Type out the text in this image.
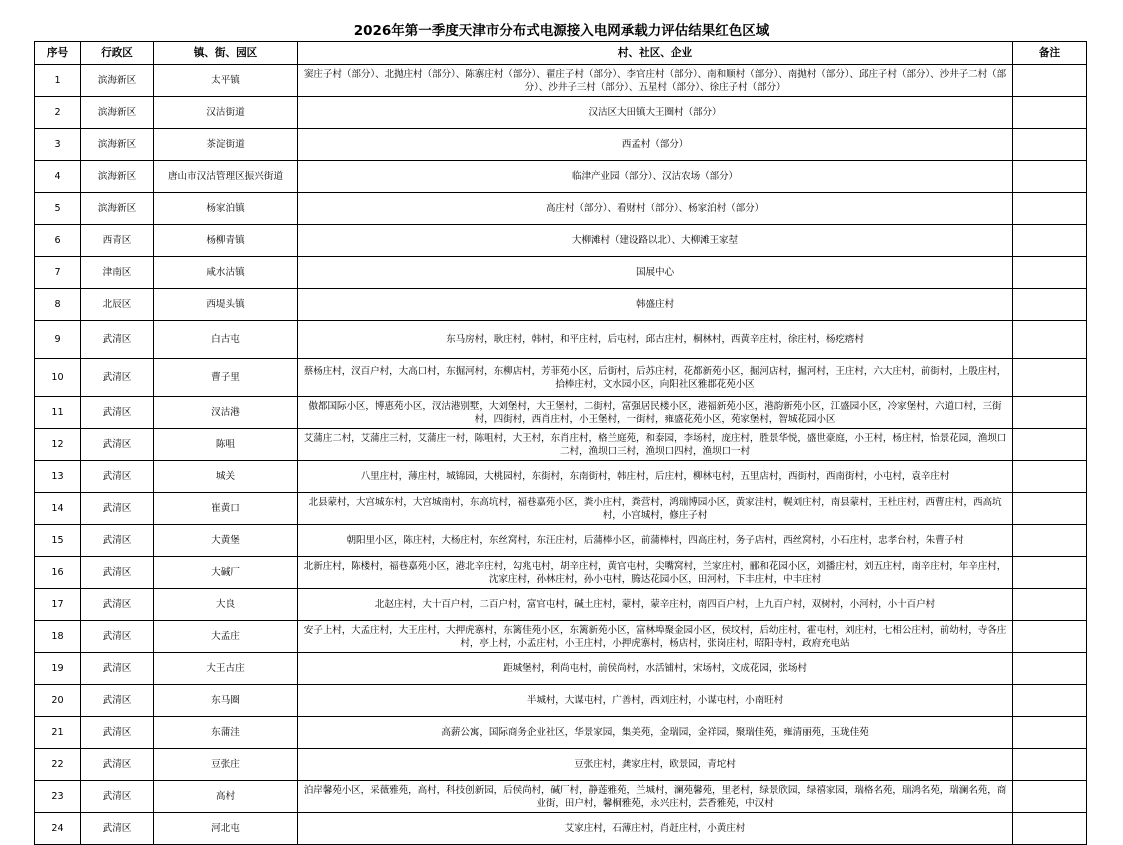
2026年第一季度天津市分布式电源接入电网承载力评估结果红色区域
序号	行政区	镇、街、园区	村、社区、企业	备注
1	滨海新区	太平镇	窦庄子村（部分）、北抛庄村（部分）、陈寨庄村（部分）、翟庄子村（部分）、李官庄村（部分）、南和顺村（部分）、南抛村（部分）、邱庄子村（部分）、沙井子二村（部分）、沙井子三村（部分）、五星村（部分）、徐庄子村（部分）	
2	滨海新区	汉沽街道	汉沽区大田镇大王圈村（部分）	
3	滨海新区	茶淀街道	西孟村（部分）	
4	滨海新区	唐山市汉沽管理区振兴街道	临津产业园（部分）、汉沽农场（部分）	
5	滨海新区	杨家泊镇	高庄村（部分）、看财村（部分）、杨家泊村（部分）	
6	西青区	杨柳青镇	大柳滩村（建设路以北）、大柳滩王家堼	
7	津南区	咸水沽镇	国展中心	
8	北辰区	西堤头镇	韩盛庄村	
9	武清区	白古屯	东马房村，耿庄村，韩村，和平庄村，后屯村，邱古庄村，桐林村，西黄辛庄村，徐庄村，杨疙瘩村	
10	武清区	曹子里	蔡杨庄村，汊百户村，大高口村，东掘河村，东柳店村，芳菲苑小区，后街村，后苏庄村，花都新苑小区，掘河店村，掘河村，王庄村，六大庄村，前街村，上殷庄村，拾棒庄村，文水园小区，向阳社区雅郡花苑小区	
11	武清区	汊沽港	傲都国际小区，博惠苑小区，汊沽港别墅，大刘堡村，大王堡村，二街村，富强居民楼小区，港福新苑小区，港韵新苑小区，江盛园小区，冷家堡村，六道口村，三街村，四街村，西肖庄村，小王堡村，一街村，雍盛花苑小区，苑家堡村，智城花园小区	
12	武清区	陈咀	艾蒲庄二村，艾蒲庄三村，艾蒲庄一村，陈咀村，大王村，东肖庄村，格兰庭苑，和泰园，李场村，庞庄村，胜景华悦，盛世豪庭，小王村，杨庄村，怡景花园，渔坝口二村，渔坝口三村，渔坝口四村，渔坝口一村	
13	武清区	城关	八里庄村，薄庄村，城锦园，大桃园村，东街村，东南街村，韩庄村，后庄村，柳林屯村，五里店村，西街村，西南街村，小屯村，袁辛庄村	
14	武清区	崔黄口	北县蒙村，大宫城东村，大宫城南村，东高坑村，福巷嘉苑小区，粪小庄村，粪营村，鸿瑞博园小区，黄家洼村，幌刘庄村，南县蒙村，王杜庄村，西曹庄村，西高坑村，小宫城村，修庄子村	
15	武清区	大黄堡	朝阳里小区，陈庄村，大杨庄村，东丝窝村，东汪庄村，后蒲棒小区，前蒲棒村，四高庄村，务子店村，西丝窝村，小石庄村，忠孝台村，朱曹子村	
16	武清区	大碱厂	北新庄村，陈楼村，福巷嘉苑小区，港北辛庄村，勾兆屯村，胡辛庄村，黄官屯村，尖嘴窝村，兰家庄村，郦和花园小区，刘播庄村，刘五庄村，南辛庄村，年辛庄村，沈家庄村，孙林庄村，孙小屯村，腾达花园小区，田河村，下丰庄村，中丰庄村	
17	武清区	大良	北赵庄村，大十百户村，二百户村，富官屯村，碱土庄村，蒙村，蒙辛庄村，南四百户村，上九百户村，双树村，小河村，小十百户村	
18	武清区	大孟庄	安子上村，大孟庄村，大王庄村，大押虎寨村，东篱佳苑小区，东篱新苑小区，富林埠聚金园小区，侯坟村，后幼庄村，霍屯村，刘庄村，七相公庄村，前幼村，寺各庄村，亭上村，小孟庄村，小王庄村，小押虎寨村，杨店村，张岗庄村，昭阳寺村，政府充电站	
19	武清区	大王古庄	距城堡村，利尚屯村，前侯尚村，水活铺村，宋场村，文成花园，张场村	
20	武清区	东马圈	半城村，大谋屯村，广善村，西刘庄村，小谋屯村，小南旺村	
21	武清区	东蒲洼	高薪公寓，国际商务企业社区，华景家园，集美苑，金瑞园，金祥园，聚瑞佳苑，雍清丽苑，玉珑佳苑	
22	武清区	豆张庄	豆张庄村，龚家庄村，欧景园，青坨村	
23	武清区	高村	泊岸馨苑小区，采薇雅苑，高村，科技创新园，后侯尚村，碱厂村，静莲雅苑，兰城村，澜苑馨苑，里老村，绿景欣园，绿禧家园，瑞格名苑，瑞鸿名苑，瑞澜名苑，商业街，田户村，馨桐雅苑，永兴庄村，芸香雅苑，中汉村	
24	武清区	河北屯	艾家庄村，石薄庄村，肖赶庄村，小黄庄村	
